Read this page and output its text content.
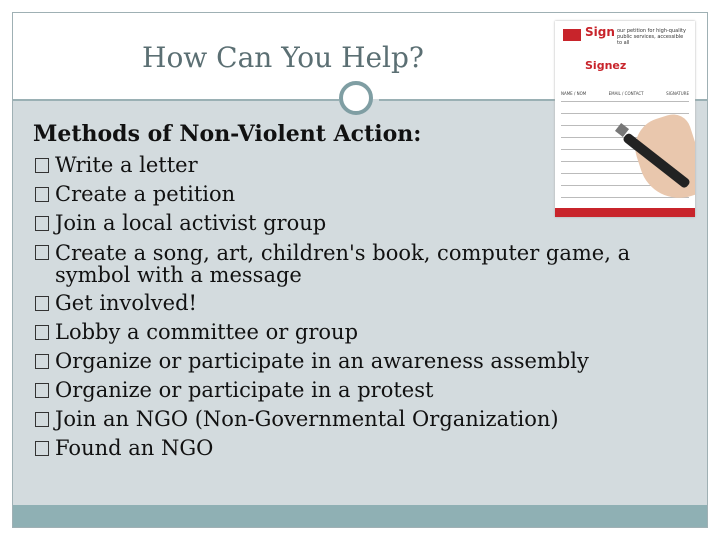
How Can You Help?
Sign our petition for high-quality public services, accessible to all
Signez
NAME / NOM	EMAIL / CONTACT	SIGNATURE
Methods of Non-Violent Action:
Write a letter
Create a petition
Join a local activist group
Create a song, art, children's book, computer game, a symbol with a message
Get involved!
Lobby a committee or group
Organize or participate in an awareness assembly
Organize or participate in a protest
Join an NGO (Non-Governmental Organization)
Found an NGO
